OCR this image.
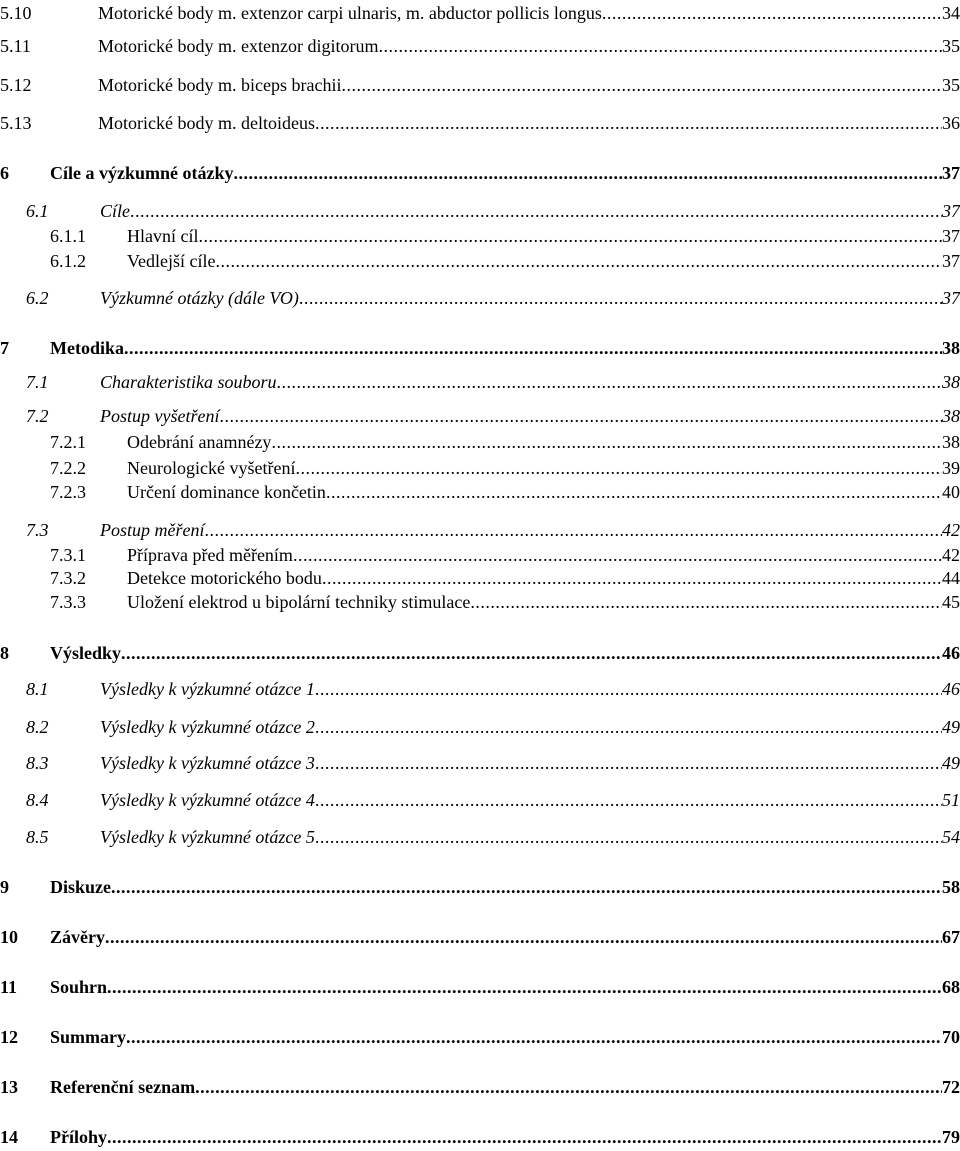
5.10	Motorické body m. extenzor carpi ulnaris, m. abductor pollicis longus .....	34
5.11	Motorické body m. extenzor digitorum .....	35
5.12	Motorické body m. biceps brachii .....	35
5.13	Motorické body m. deltoideus .....	36
6 Cíle a výzkumné otázky .....	37
6.1	Cíle .....	37
6.1.1 Hlavní cíl .....	37
6.1.2 Vedlejší cíle .....	37
6.2	Výzkumné otázky (dále VO) .....	37
7 Metodika .....	38
7.1	Charakteristika souboru .....	38
7.2	Postup vyšetření .....	38
7.2.1 Odebrání anamnézy .....	38
7.2.2 Neurologické vyšetření .....	39
7.2.3 Určení dominance končetin .....	40
7.3	Postup měření .....	42
7.3.1 Příprava před měřením .....	42
7.3.2 Detekce motorického bodu .....	44
7.3.3 Uložení elektrod u bipolární techniky stimulace .....	45
8 Výsledky .....	46
8.1	Výsledky k výzkumné otázce 1 .....	46
8.2	Výsledky k výzkumné otázce 2 .....	49
8.3	Výsledky k výzkumné otázce 3 .....	49
8.4	Výsledky k výzkumné otázce 4 .....	51
8.5	Výsledky k výzkumné otázce 5 .....	54
9 Diskuze .....	58
10 Závěry .....	67
11 Souhrn .....	68
12 Summary .....	70
13 Referenční seznam .....	72
14 Přílohy .....	79
